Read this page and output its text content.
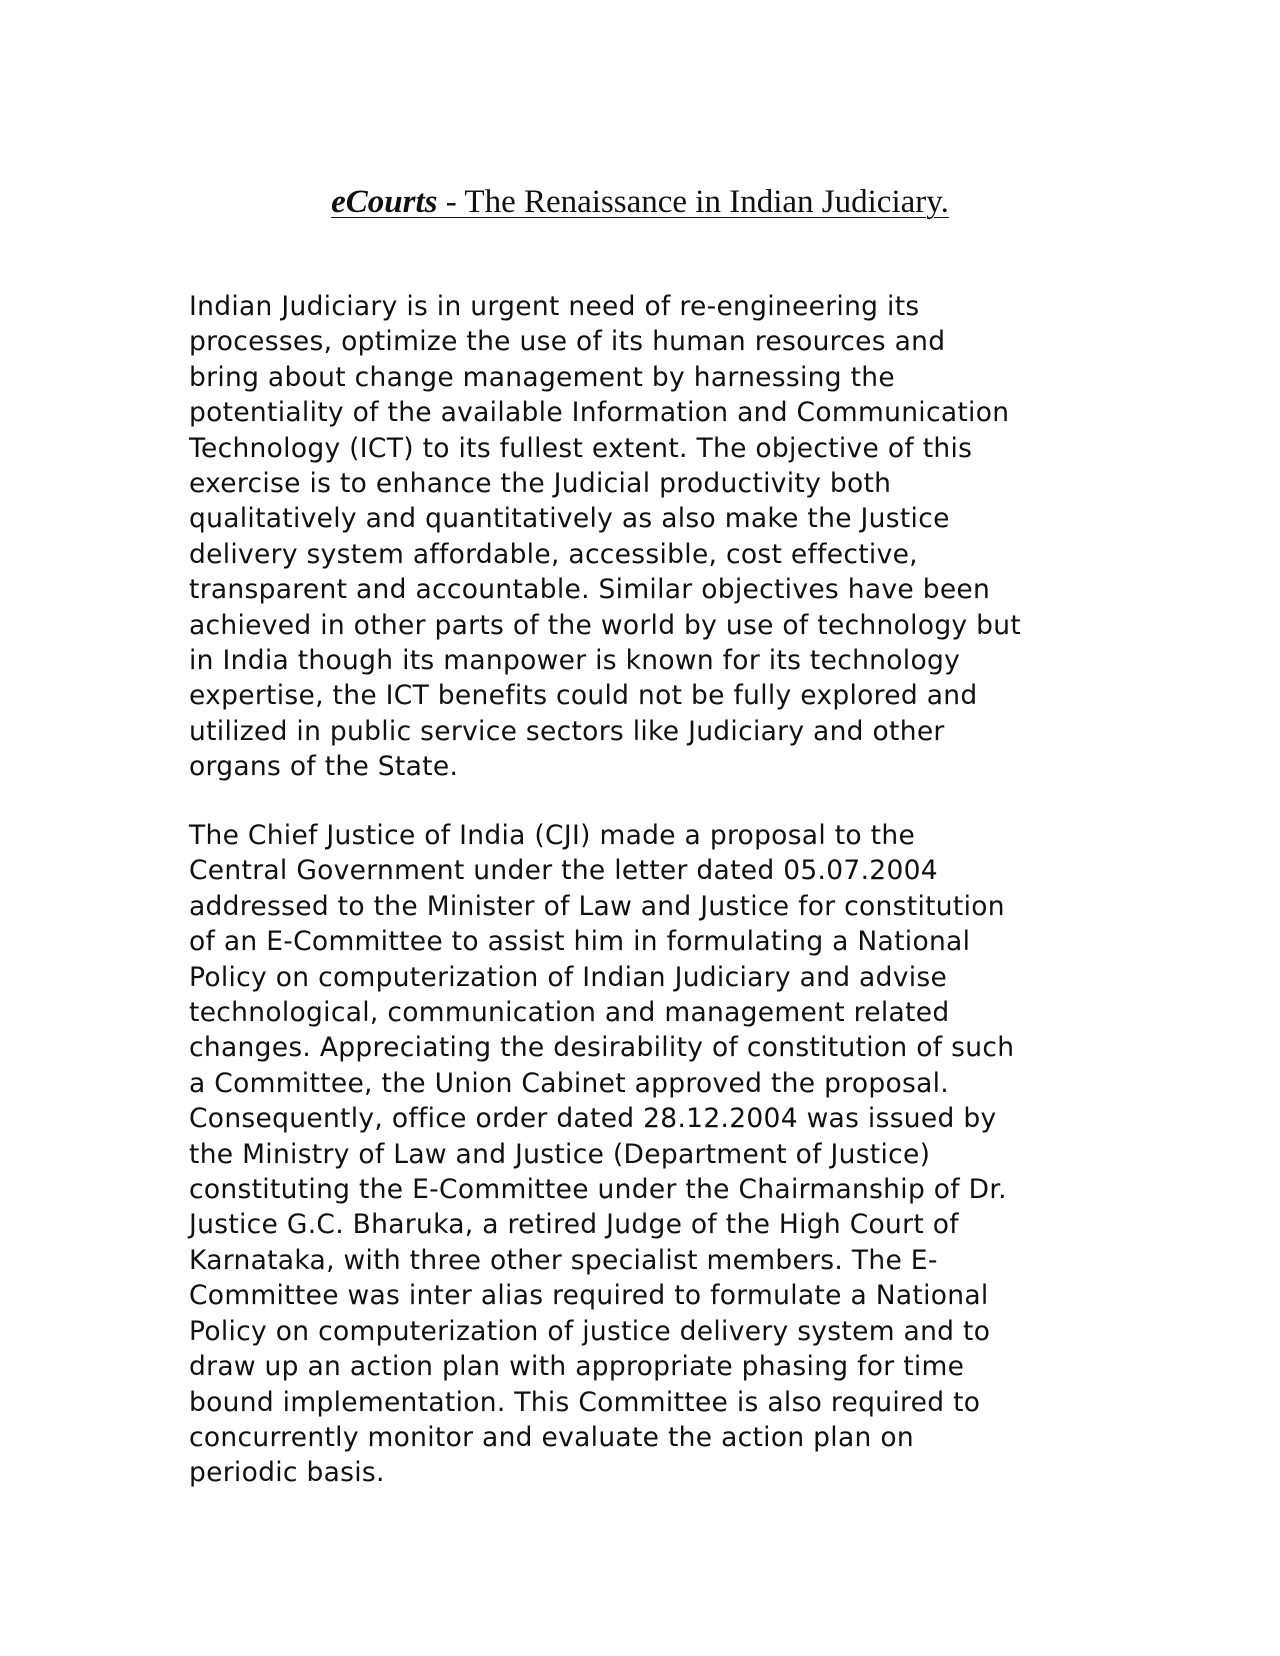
eCourts - The Renaissance in Indian Judiciary.
Indian Judiciary is in urgent need of re-engineering its
processes, optimize the use of its human resources and
bring about change management by harnessing the
potentiality of the available Information and Communication
Technology (ICT) to its fullest extent. The objective of this
exercise is to enhance the Judicial productivity both
qualitatively and quantitatively as also make the Justice
delivery system affordable, accessible, cost effective,
transparent and accountable. Similar objectives have been
achieved in other parts of the world by use of technology but
in India though its manpower is known for its technology
expertise, the ICT benefits could not be fully explored and
utilized in public service sectors like Judiciary and other
organs of the State.
The Chief Justice of India (CJI) made a proposal to the
Central Government under the letter dated 05.07.2004
addressed to the Minister of Law and Justice for constitution
of an E-Committee to assist him in formulating a National
Policy on computerization of Indian Judiciary and advise
technological, communication and management related
changes. Appreciating the desirability of constitution of such
a Committee, the Union Cabinet approved the proposal.
Consequently, office order dated 28.12.2004 was issued by
the Ministry of Law and Justice (Department of Justice)
constituting the E-Committee under the Chairmanship of Dr.
Justice G.C. Bharuka, a retired Judge of the High Court of
Karnataka, with three other specialist members. The E-
Committee was inter alias required to formulate a National
Policy on computerization of justice delivery system and to
draw up an action plan with appropriate phasing for time
bound implementation. This Committee is also required to
concurrently monitor and evaluate the action plan on
periodic basis.
